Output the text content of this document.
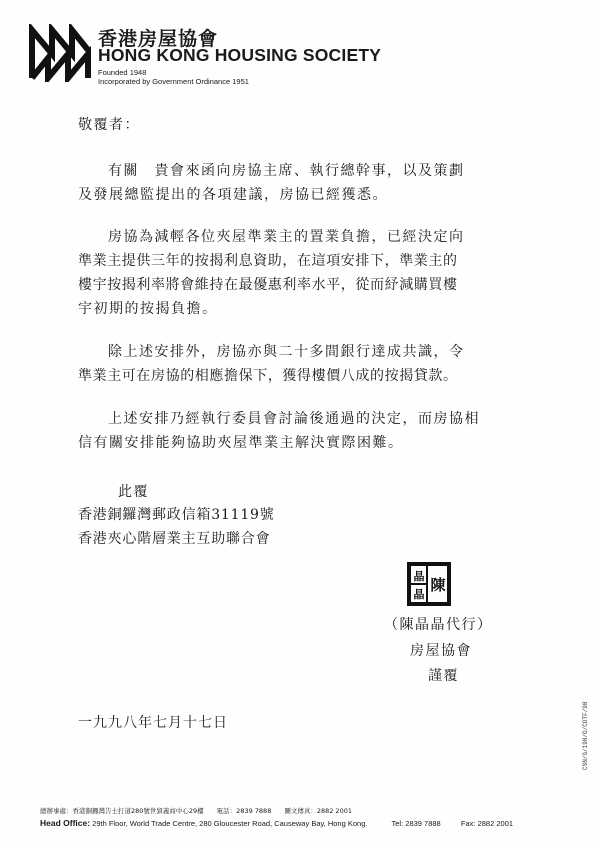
香港房屋協會
HONG KONG HOUSING SOCIETY
Founded 1948
Incorporated by Government Ordinance 1951
敬覆者：
有關　貴會來函向房協主席、執行總幹事，以及策劃
及發展總監提出的各項建議，房協已經獲悉。
房協為減輕各位夾屋準業主的置業負擔，已經決定向
準業主提供三年的按揭利息資助，在這項安排下，準業主的
樓宇按揭利率將會維持在最優惠利率水平，從而紓減購買樓
宇初期的按揭負擔。
除上述安排外，房協亦與二十多間銀行達成共識，令
準業主可在房協的相應擔保下，獲得樓價八成的按揭貸款。
上述安排乃經執行委員會討論後通過的決定，而房協相
信有關安排能夠協助夾屋準業主解決實際困難。
此覆
香港銅鑼灣郵政信箱31119號
香港夾心階層業主互助聯合會
晶 陳
晶
（陳晶晶代行）
房屋協會
謹覆
一九九八年七月十七日
總辦事處：香港銅鑼灣告士打道280號世貿義商中心29樓　　電話：2839 7888　　圖文傳真：2882 2001
Head Office: 29th Floor, World Trade Centre, 280 Gloucester Road, Causeway Bay, Hong Kong.	Tel: 2839 7888	Fax: 2882 2001
CSN/G/198/O/COTF/98
